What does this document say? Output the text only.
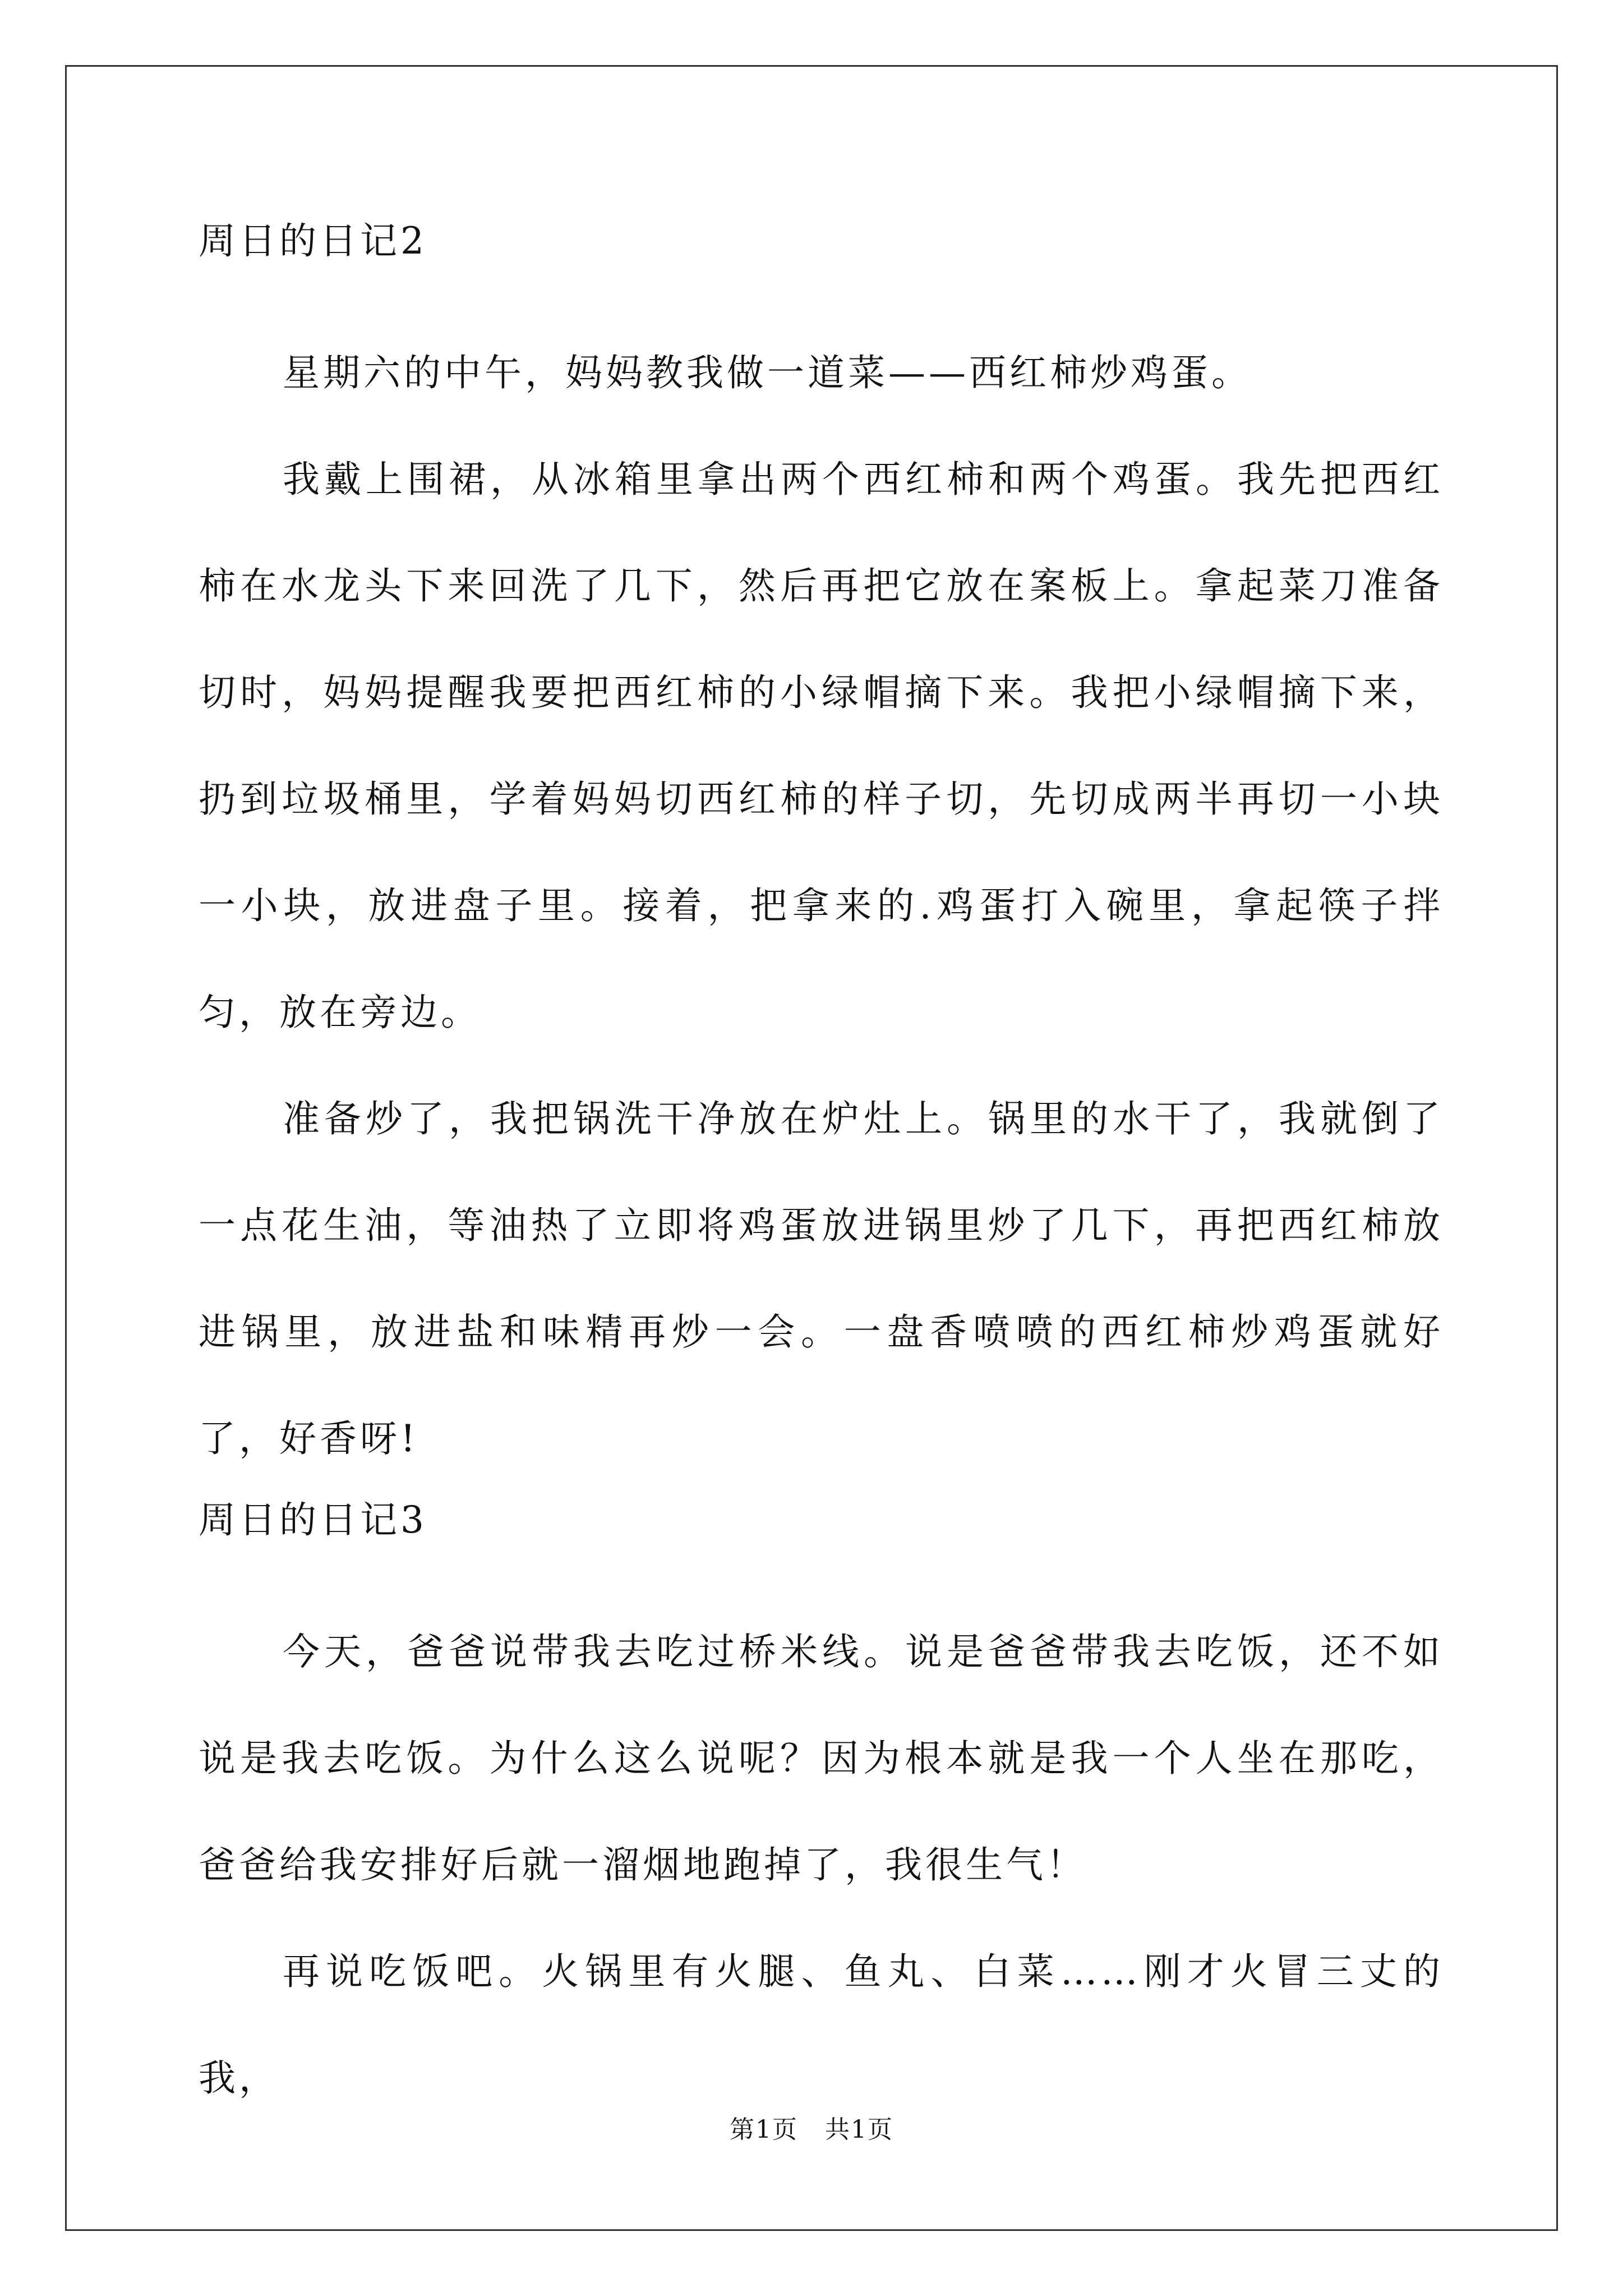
周日的日记2

星期六的中午，妈妈教我做一道菜——西红柿炒鸡蛋。

我戴上围裙，从冰箱里拿出两个西红柿和两个鸡蛋。我先把西红柿在水龙头下来回洗了几下，然后再把它放在案板上。拿起菜刀准备切时，妈妈提醒我要把西红柿的小绿帽摘下来。我把小绿帽摘下来，扔到垃圾桶里，学着妈妈切西红柿的样子切，先切成两半再切一小块一小块，放进盘子里。接着，把拿来的.鸡蛋打入碗里，拿起筷子拌匀，放在旁边。

准备炒了，我把锅洗干净放在炉灶上。锅里的水干了，我就倒了一点花生油，等油热了立即将鸡蛋放进锅里炒了几下，再把西红柿放进锅里，放进盐和味精再炒一会。一盘香喷喷的西红柿炒鸡蛋就好了，好香呀!

周日的日记3

今天，爸爸说带我去吃过桥米线。说是爸爸带我去吃饭，还不如说是我去吃饭。为什么这么说呢？因为根本就是我一个人坐在那吃，爸爸给我安排好后就一溜烟地跑掉了，我很生气！

再说吃饭吧。火锅里有火腿、鱼丸、白菜……刚才火冒三丈的我，

第1页   共1页
